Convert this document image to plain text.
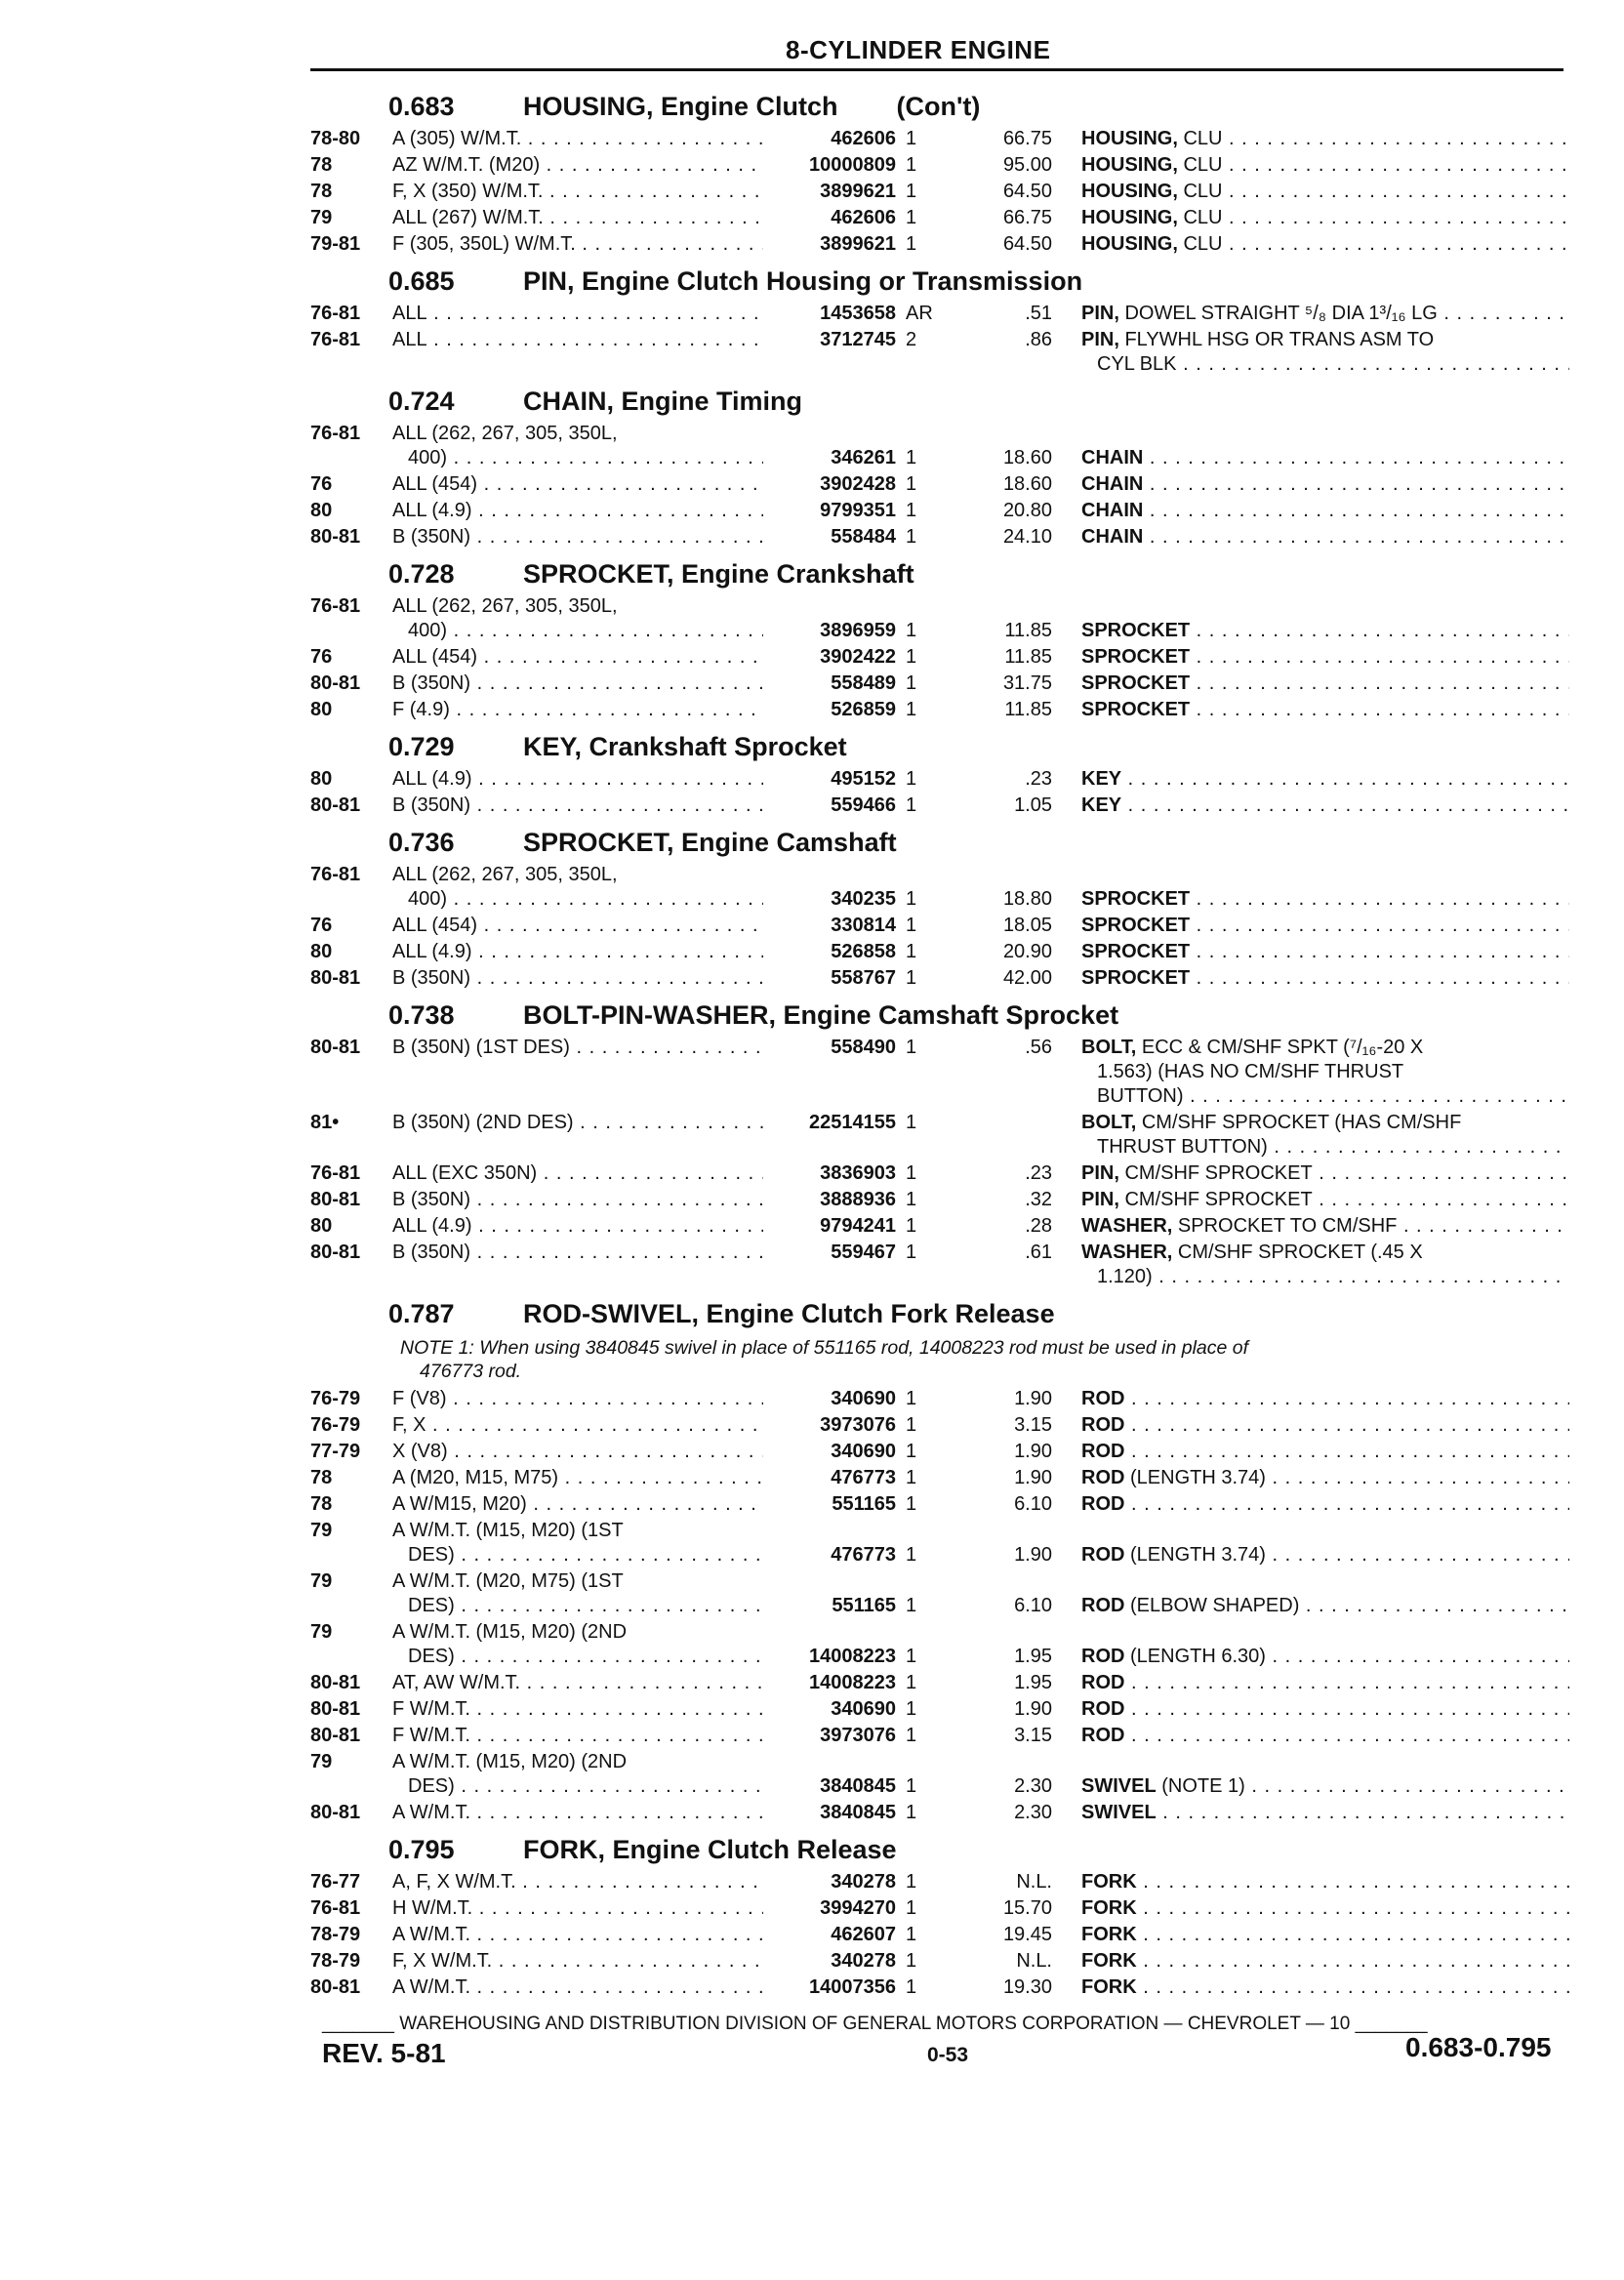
8-CYLINDER ENGINE
0.683	HOUSING, Engine Clutch        (Con't)
78-80	A (305) W/M.T. . . .	462606 1	66.75 HOUSING, CLU . . .
78	AZ W/M.T. (M20) . . .	10000809 1	95.00 HOUSING, CLU . . .
78	F, X (350) W/M.T. . . .	3899621 1	64.50 HOUSING, CLU . . .
79	ALL (267) W/M.T. . . .	462606 1	66.75 HOUSING, CLU . . .
79-81	F (305, 350L) W/M.T. . . .	3899621 1	64.50 HOUSING, CLU . . .
0.685	PIN, Engine Clutch Housing or Transmission
76-81	ALL . . .	1453658 AR	.51 PIN, DOWEL STRAIGHT ⁵/₈ DIA 1³/₁₆ LG . . .
76-81	ALL . . .	3712745 2	.86 PIN, FLYWHL HSG OR TRANS ASM TO
CYL BLK . . .
0.724	CHAIN, Engine Timing
76-81	ALL (262, 267, 305, 350L,
400) . . .	346261 1	18.60 CHAIN . . .
76	ALL (454) . . .	3902428 1	18.60 CHAIN . . .
80	ALL (4.9) . . .	9799351 1	20.80 CHAIN . . .
80-81	B (350N) . . .	558484 1	24.10 CHAIN . . .
0.728	SPROCKET, Engine Crankshaft
76-81	ALL (262, 267, 305, 350L,
400) . . .	3896959 1	11.85 SPROCKET . . .
76	ALL (454) . . .	3902422 1	11.85 SPROCKET . . .
80-81	B (350N) . . .	558489 1	31.75 SPROCKET . . .
80	F (4.9) . . .	526859 1	11.85 SPROCKET . . .
0.729	KEY, Crankshaft Sprocket
80	ALL (4.9) . . .	495152 1	.23 KEY . . .
80-81	B (350N) . . .	559466 1	1.05 KEY . . .
0.736	SPROCKET, Engine Camshaft
76-81	ALL (262, 267, 305, 350L,
400) . . .	340235 1	18.80 SPROCKET . . .
76	ALL (454) . . .	330814 1	18.05 SPROCKET . . .
80	ALL (4.9) . . .	526858 1	20.90 SPROCKET . . .
80-81	B (350N) . . .	558767 1	42.00 SPROCKET . . .
0.738	BOLT-PIN-WASHER, Engine Camshaft Sprocket
80-81	B (350N) (1ST DES) . . .	558490 1	.56 BOLT, ECC & CM/SHF SPKT (⁷/₁₆-20 X
1.563) (HAS NO CM/SHF THRUST
BUTTON) . . .
81•	B (350N) (2ND DES) . . .	22514155 1	BOLT, CM/SHF SPROCKET (HAS CM/SHF
THRUST BUTTON) . . .
76-81	ALL (EXC 350N) . . .	3836903 1	.23 PIN, CM/SHF SPROCKET . . .
80-81	B (350N) . . .	3888936 1	.32 PIN, CM/SHF SPROCKET . . .
80	ALL (4.9) . . .	9794241 1	.28 WASHER, SPROCKET TO CM/SHF . . .
80-81	B (350N) . . .	559467 1	.61 WASHER, CM/SHF SPROCKET (.45 X
1.120) . . .
0.787	ROD-SWIVEL, Engine Clutch Fork Release
NOTE 1: When using 3840845 swivel in place of 551165 rod, 14008223 rod must be used in place of
476773 rod.
76-79	F (V8) . . .	340690 1	1.90 ROD . . .
76-79	F, X . . .	3973076 1	3.15 ROD . . .
77-79	X (V8) . . .	340690 1	1.90 ROD . . .
78	A (M20, M15, M75) . . .	476773 1	1.90 ROD (LENGTH 3.74) . . .
78	A W/M15, M20) . . .	551165 1	6.10 ROD . . .
79	A W/M.T. (M15, M20) (1ST
DES) . . .	476773 1	1.90 ROD (LENGTH 3.74) . . .
79	A W/M.T. (M20, M75) (1ST
DES) . . .	551165 1	6.10 ROD (ELBOW SHAPED) . . .
79	A W/M.T. (M15, M20) (2ND
DES) . . .	14008223 1	1.95 ROD (LENGTH 6.30) . . .
80-81	AT, AW W/M.T. . . .	14008223 1	1.95 ROD . . .
80-81	F W/M.T. . . .	340690 1	1.90 ROD . . .
80-81	F W/M.T. . . .	3973076 1	3.15 ROD . . .
79	A W/M.T. (M15, M20) (2ND
DES) . . .	3840845 1	2.30 SWIVEL (NOTE 1) . . .
80-81	A W/M.T. . . .	3840845 1	2.30 SWIVEL . . .
0.795	FORK, Engine Clutch Release
76-77	A, F, X W/M.T. . . .	340278 1	N.L. FORK . . .
76-81	H W/M.T. . . .	3994270 1	15.70 FORK . . .
78-79	A W/M.T. . . .	462607 1	19.45 FORK . . .
78-79	F, X W/M.T. . . .	340278 1	N.L. FORK . . .
80-81	A W/M.T. . . .	14007356 1	19.30 FORK . . .
_______ WAREHOUSING AND DISTRIBUTION DIVISION OF GENERAL MOTORS CORPORATION — CHEVROLET — 10 _______
REV. 5-81	0-53	0.683-0.795
